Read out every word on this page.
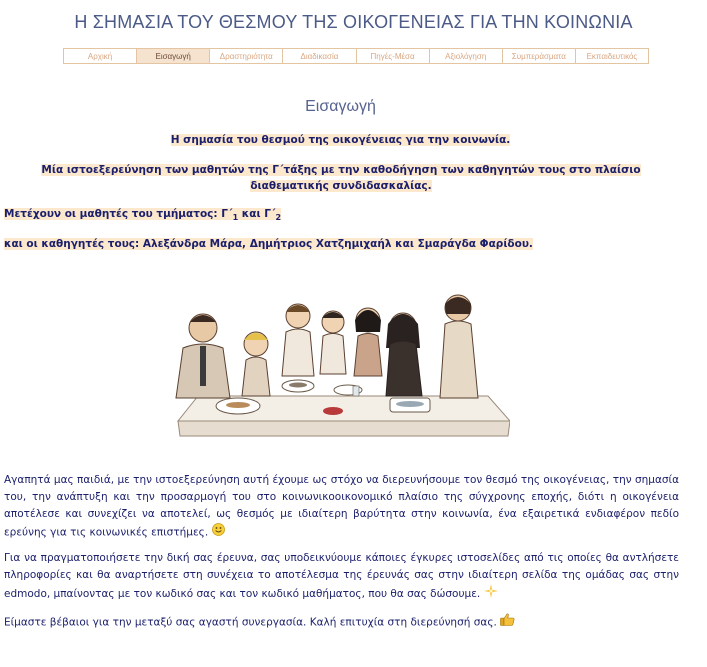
Η ΣΗΜΑΣΙΑ ΤΟΥ ΘΕΣΜΟΥ ΤΗΣ ΟΙΚΟΓΕΝΕΙΑΣ ΓΙΑ ΤΗΝ ΚΟΙΝΩΝΙΑ
Αρχική	Εισαγωγή	Δραστηριότητα	Διαδικασία	Πηγές-Μέσα	Αξιολόγηση	Συμπεράσματα	Εκπαιδευτικός
Εισαγωγή
Η σημασία του θεσμού της οικογένειας για την κοινωνία.
Μία ιστοεξερεύνηση των μαθητών της Γ΄τάξης με την καθοδήγηση των καθηγητών τους στο πλαίσιο διαθεματικής συνδιδασκαλίας.
Μετέχουν οι μαθητές του τμήματος: $\Gamma΄_1$ και $\Gamma΄_2$
και οι καθηγητές τους: Αλεξάνδρα Μάρα, Δημήτριος Χατζημιχαήλ και Σμαράγδα Φαρίδου.

Αγαπητά μας παιδιά, με την ιστοεξερεύνηση αυτή έχουμε ως στόχο να διερευνήσουμε τον θεσμό της οικογένειας, την σημασία του, την ανάπτυξη και την προσαρμογή του στο κοινωνικοοικονομικό πλαίσιο της σύγχρονης εποχής, διότι η οικογένεια αποτέλεσε και συνεχίζει να αποτελεί, ως θεσμός με ιδιαίτερη βαρύτητα στην κοινωνία, ένα εξαιρετικά ενδιαφέρον πεδίο ερεύνης για τις κοινωνικές επιστήμες.

Για να πραγματοποιήσετε την δική σας έρευνα, σας υποδεικνύουμε κάποιες έγκυρες ιστοσελίδες από τις οποίες θα αντλήσετε πληροφορίες και θα αναρτήσετε στη συνέχεια το αποτέλεσμα της έρευνάς σας στην ιδιαίτερη σελίδα της ομάδας σας στην edmodo, μπαίνοντας με τον κωδικό σας και τον κωδικό μαθήματος, που θα σας δώσουμε.

Είμαστε βέβαιοι για την μεταξύ σας αγαστή συνεργασία. Καλή επιτυχία στη διερεύνησή σας.
